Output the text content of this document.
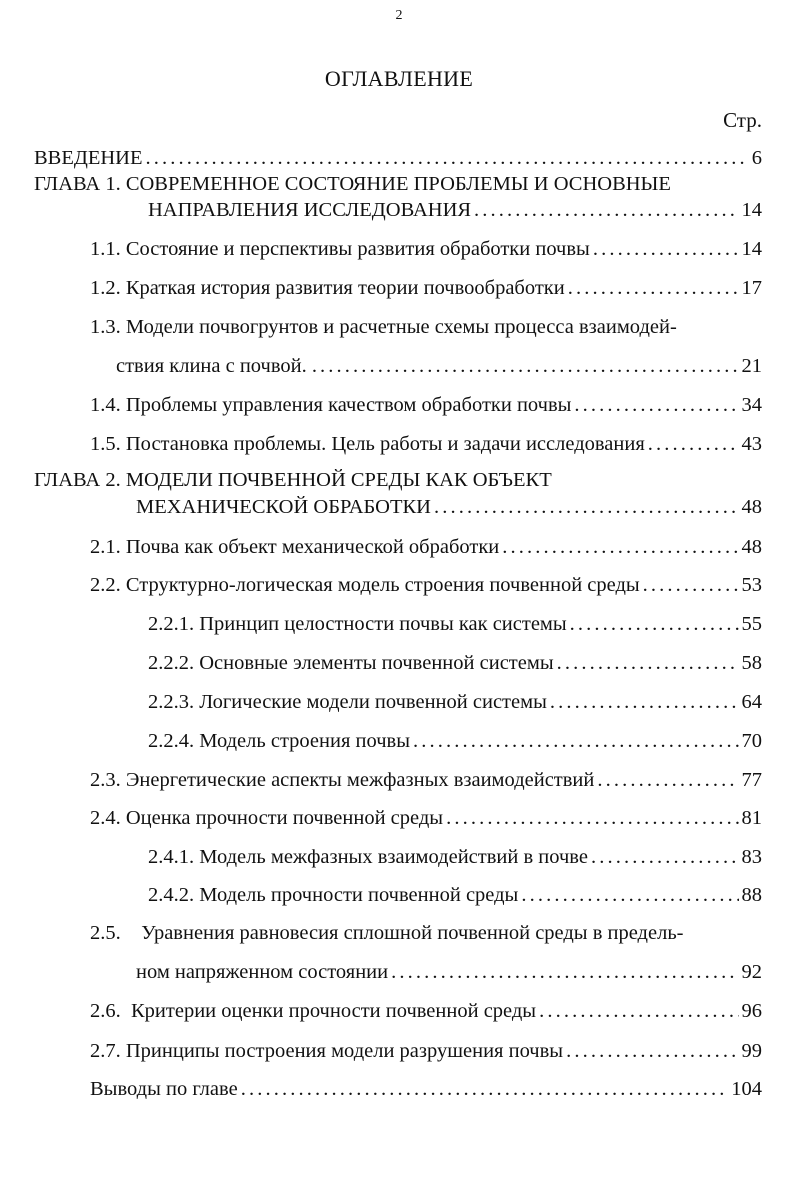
2
ОГЛАВЛЕНИЕ
Стр.
ВВЕДЕНИЕ . . .	6
ГЛАВА 1. СОВРЕМЕННОЕ СОСТОЯНИЕ ПРОБЛЕМЫ И ОСНОВНЫЕ
НАПРАВЛЕНИЯ ИССЛЕДОВАНИЯ . . .	14
1.1. Состояние и перспективы развития обработки почвы . . .	14
1.2. Краткая история развития теории почвообработки . . .	17
1.3. Модели почвогрунтов и расчетные схемы процесса взаимодей-
ствия клина с почвой. . . . .	21
1.4. Проблемы управления качеством обработки почвы . . .	34
1.5. Постановка проблемы. Цель работы и задачи исследования . . .	43
ГЛАВА 2. МОДЕЛИ ПОЧВЕННОЙ СРЕДЫ КАК ОБЪЕКТ
МЕХАНИЧЕСКОЙ ОБРАБОТКИ . . .	48
2.1. Почва как объект механической обработки . . .	48
2.2. Структурно-логическая модель строения почвенной среды . . .	53
2.2.1. Принцип целостности почвы как системы . . .	55
2.2.2. Основные элементы почвенной системы . . .	58
2.2.3. Логические модели почвенной системы . . .	64
2.2.4. Модель строения почвы . . .	70
2.3. Энергетические аспекты межфазных взаимодействий . . .	77
2.4. Оценка прочности почвенной среды . . .	81
2.4.1. Модель межфазных взаимодействий в почве . . .	83
2.4.2. Модель прочности почвенной среды . . .	88
2.5.    Уравнения равновесия сплошной почвенной среды в предель-
ном напряженном состоянии . . .	92
2.6.  Критерии оценки прочности почвенной среды . . .	96
2.7. Принципы построения модели разрушения почвы . . .	99
Выводы по главе . . .	104
